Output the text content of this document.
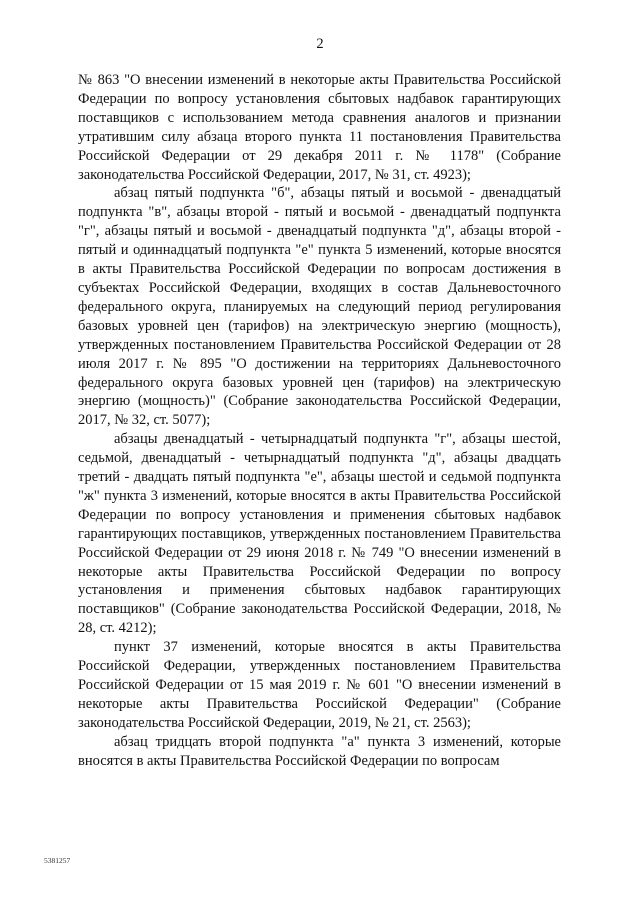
2

№ 863 "О внесении изменений в некоторые акты Правительства Российской Федерации по вопросу установления сбытовых надбавок гарантирующих поставщиков с использованием метода сравнения аналогов и признании утратившим силу абзаца второго пункта 11 постановления Правительства Российской Федерации от 29 декабря 2011 г. № 1178" (Собрание законодательства Российской Федерации, 2017, № 31, ст. 4923);

абзац пятый подпункта "б", абзацы пятый и восьмой - двенадцатый подпункта "в", абзацы второй - пятый и восьмой - двенадцатый подпункта "г", абзацы пятый и восьмой - двенадцатый подпункта "д", абзацы второй - пятый и одиннадцатый подпункта "е" пункта 5 изменений, которые вносятся в акты Правительства Российской Федерации по вопросам достижения в субъектах Российской Федерации, входящих в состав Дальневосточного федерального округа, планируемых на следующий период регулирования базовых уровней цен (тарифов) на электрическую энергию (мощность), утвержденных постановлением Правительства Российской Федерации от 28 июля 2017 г. № 895 "О достижении на территориях Дальневосточного федерального округа базовых уровней цен (тарифов) на электрическую энергию (мощность)" (Собрание законодательства Российской Федерации, 2017, № 32, ст. 5077);

абзацы двенадцатый - четырнадцатый подпункта "г", абзацы шестой, седьмой, двенадцатый - четырнадцатый подпункта "д", абзацы двадцать третий - двадцать пятый подпункта "е", абзацы шестой и седьмой подпункта "ж" пункта 3 изменений, которые вносятся в акты Правительства Российской Федерации по вопросу установления и применения сбытовых надбавок гарантирующих поставщиков, утвержденных постановлением Правительства Российской Федерации от 29 июня 2018 г. № 749 "О внесении изменений в некоторые акты Правительства Российской Федерации по вопросу установления и применения сбытовых надбавок гарантирующих поставщиков" (Собрание законодательства Российской Федерации, 2018, № 28, ст. 4212);

пункт 37 изменений, которые вносятся в акты Правительства Российской Федерации, утвержденных постановлением Правительства Российской Федерации от 15 мая 2019 г. № 601 "О внесении изменений в некоторые акты Правительства Российской Федерации" (Собрание законодательства Российской Федерации, 2019, № 21, ст. 2563);

абзац тридцать второй подпункта "а" пункта 3 изменений, которые вносятся в акты Правительства Российской Федерации по вопросам

5381257
